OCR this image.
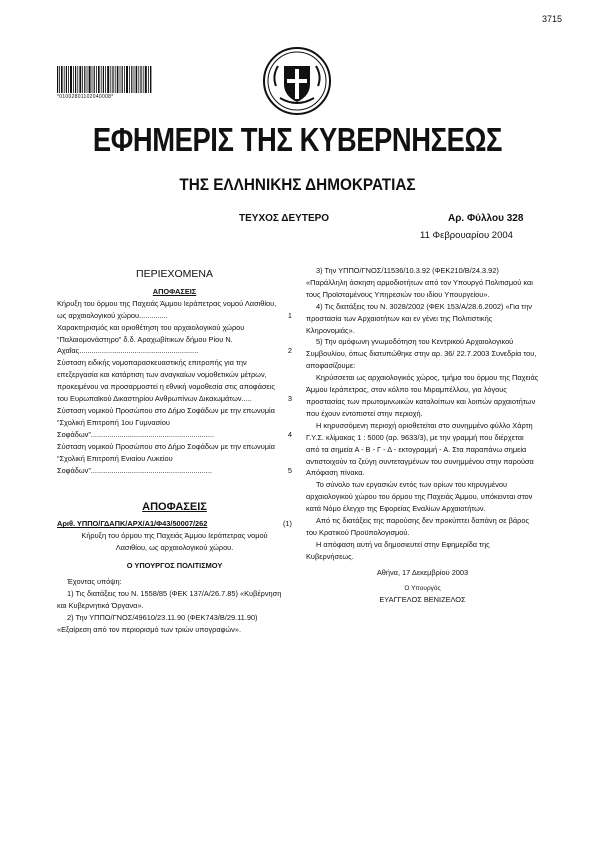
3715
*01002801102040008*
ΕΦΗΜΕΡΙΣ ΤΗΣ ΚΥΒΕΡΝΗΣΕΩΣ
ΤΗΣ ΕΛΛΗΝΙΚΗΣ ΔΗΜΟΚΡΑΤΙΑΣ
ΤΕΥΧΟΣ ΔΕΥΤΕΡΟ	Αρ. Φύλλου 328
11 Φεβρουαρίου 2004

ΠΕΡΙΕΧΟΜΕΝΑ

ΑΠΟΦΑΣΕΙΣ

Κήρυξη του όρμου της Παχειάς Άμμου Ιεράπετρας νομού Λασιθίου, ως αρχαιολογικού χώρου..............	1
Χαρακτηρισμός και οριοθέτηση του αρχαιολογικού χώρου “Παλαιομονάστηρο” δ.δ. Αραχωβίτικων δήμου Ρίου Ν. Αχαΐας..........................................................	2
Σύσταση ειδικής νομοπαρασκευαστικής επιτροπής για την επεξεργασία και κατάρτιση των αναγκαίων νομοθετικών μέτρων, προκειμένου να προσαρμοστεί η εθνική νομοθεσία στις αποφάσεις του Ευρωπαϊκού Δικαστηρίου Ανθρωπίνων Δικαιωμάτων.....	3
Σύσταση νομικού Προσώπου στο Δήμο Σοφάδων με την επωνυμία “Σχολική Επιτροπή 1ου Γυμνασίου Σοφάδων”............................................................	4
Σύσταση νομικού Προσώπου στο Δήμο Σοφάδων με την επωνυμία “Σχολική Επιτροπή Ενιαίου Λυκείου Σοφάδων”...........................................................	5

ΑΠΟΦΑΣΕΙΣ

Αριθ. ΥΠΠΟ/ΓΔΑΠΚ/ΑΡΧ/Α1/Φ43/50007/262	(1)

Κήρυξη του όρμου της Παχειάς Άμμου Ιεράπετρας νομού Λασιθίου, ως αρχαιολογικού χώρου.

Ο ΥΠΟΥΡΓΟΣ ΠΟΛΙΤΙΣΜΟΥ

Έχοντας υπόψη:

1) Τις διατάξεις του Ν. 1558/85 (ΦΕΚ 137/Α/26.7.85) «Κυβέρνηση και Κυβερνητικά Όργανα».

2) Την ΥΠΠΟ/ΓΝΟΣ/49610/23.11.90 (ΦΕΚ743/Β/29.11.90) «Εξαίρεση από τον περιορισμό των τριών υπογραφών».

3) Την ΥΠΠΟ/ΓΝΟΣ/11536/10.3.92 (ΦΕΚ210/Β/24.3.92) «Παράλληλη άσκηση αρμοδιοτήτων από τον Υπουργό Πολιτισμού και τους Προϊσταμένους Υπηρεσιών του ιδίου Υπουργείου».

4) Τις διατάξεις του Ν. 3028/2002 (ΦΕΚ 153/Α/28.6.2002) «Για την προστασία των Αρχαιοτήτων και εν γένει της Πολιτιστικής Κληρονομιάς».

5) Την ομόφωνη γνωμοδότηση του Κεντρικού Αρχαιολογικού Συμβουλίου, όπως διατυπώθηκε στην αρ. 36/ 22.7.2003 Συνεδρία του, αποφασίζουμε:

Κηρύσσεται ως αρχαιολογικός χώρος, τμήμα του όρμου της Παχειάς Άμμου Ιεράπετρας, στον κόλπο του Μιραμπέλλου, για λόγους προστασίας των πρωτομινωικών καταλοίπων και λοιπών αρχαιοτήτων που έχουν εντοπιστεί στην περιοχή.

Η κηρυσσόμενη περιοχή οριοθετείται στο συνημμένο φύλλο Χάρτη Γ.Υ.Σ. κλίμακας 1 : 5000 (αρ. 9633/3), με την γραμμή που διέρχεται από τα σημεία Α - Β - Γ - Δ - εκτογραμμή - Α. Στα παραπάνω σημεία αντιστοιχούν τα ζεύγη συντεταγμένων του συνημμένου στην παρούσα Απόφαση πίνακα.

Το σύνολο των εργασιών εντός των ορίων του κηρυγμένου αρχαιολογικού χώρου του όρμου της Παχειάς Άμμου, υπόκεινται στον κατά Νόμο έλεγχο της Εφορείας Εναλίων Αρχαιοτήτων.

Από τις διατάξεις της παρούσης δεν προκύπτει δαπάνη σε βάρος του Κρατικού Προϋπολογισμού.

Η απόφαση αυτή να δημοσιευτεί στην Εφημερίδα της Κυβερνήσεως.

Αθήνα, 17 Δεκεμβρίου 2003

Ο Υπουργός

ΕΥΑΓΓΕΛΟΣ ΒΕΝΙΖΕΛΟΣ
